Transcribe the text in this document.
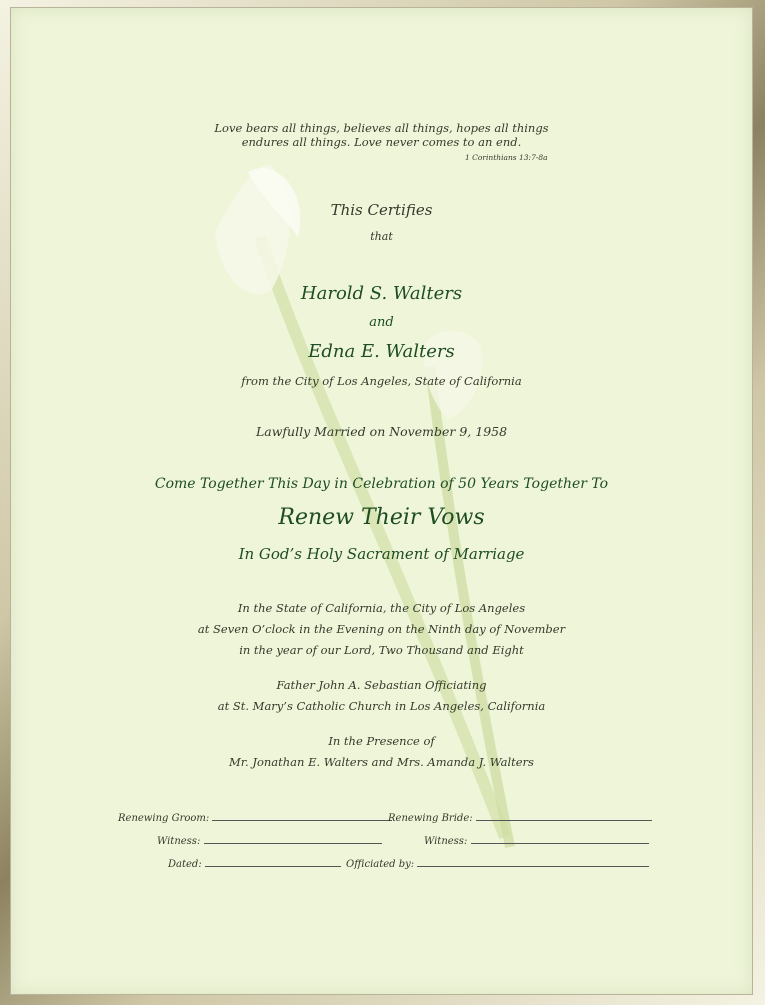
Love bears all things, believes all things, hopes all things
endures all things. Love never comes to an end.
1 Corinthians 13:7-8a
This Certifies
that
Harold S. Walters
and
Edna E. Walters
from the City of Los Angeles, State of California
Lawfully Married on November 9, 1958
Come Together This Day in Celebration of 50 Years Together To
Renew Their Vows
In God’s Holy Sacrament of Marriage
In the State of California, the City of Los Angeles
at Seven O’clock in the Evening on the Ninth day of November
in the year of our Lord, Two Thousand and Eight
Father John A. Sebastian Officiating
at St. Mary’s Catholic Church in Los Angeles, California
In the Presence of
Mr. Jonathan E. Walters and Mrs. Amanda J. Walters
Renewing Groom:	Renewing Bride:
Witness:	Witness:
Dated:	Officiated by:
